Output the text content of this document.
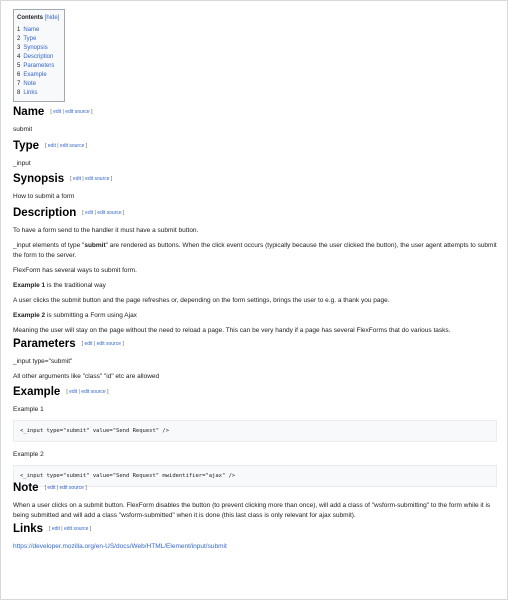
Contents [hide]
1 Name
2 Type
3 Synopsis
4 Description
5 Parameters
6 Example
7 Note
8 Links
Name [ edit | edit source ]

submit

Type [ edit | edit source ]

_input

Synopsis [ edit | edit source ]

How to submit a form

Description [ edit | edit source ]

To have a form send to the handler it must have a submit button.

_input elements of type "submit" are rendered as buttons. When the click event occurs (typically because the user clicked the button), the user agent attempts to submit the form to the server.

FlexForm has several ways to submit form.

Example 1 is the traditional way

A user clicks the submit button and the page refreshes or, depending on the form settings, brings the user to e.g. a thank you page.

Example 2 is submitting a Form using Ajax

Meaning the user will stay on the page without the need to reload a page. This can be very handy if a page has several FlexForms that do various tasks.

Parameters [ edit | edit source ]

_input type="submit"

All other arguments like "class" "id" etc are allowed

Example [ edit | edit source ]

Example 1

<_input type="submit" value="Send Request" />

Example 2

<_input type="submit" value="Send Request" mwidentifier="ajax" />
Note [ edit | edit source ]

When a user clicks on a submit button. FlexForm disables the button (to prevent clicking more than once), will add a class of "wsform-submitting" to the form while it is being submitted and will add a class "wsform-submitted" when it is done (this last class is only relevant for ajax submit).

Links [ edit | edit source ]

https://developer.mozilla.org/en-US/docs/Web/HTML/Element/input/submit
